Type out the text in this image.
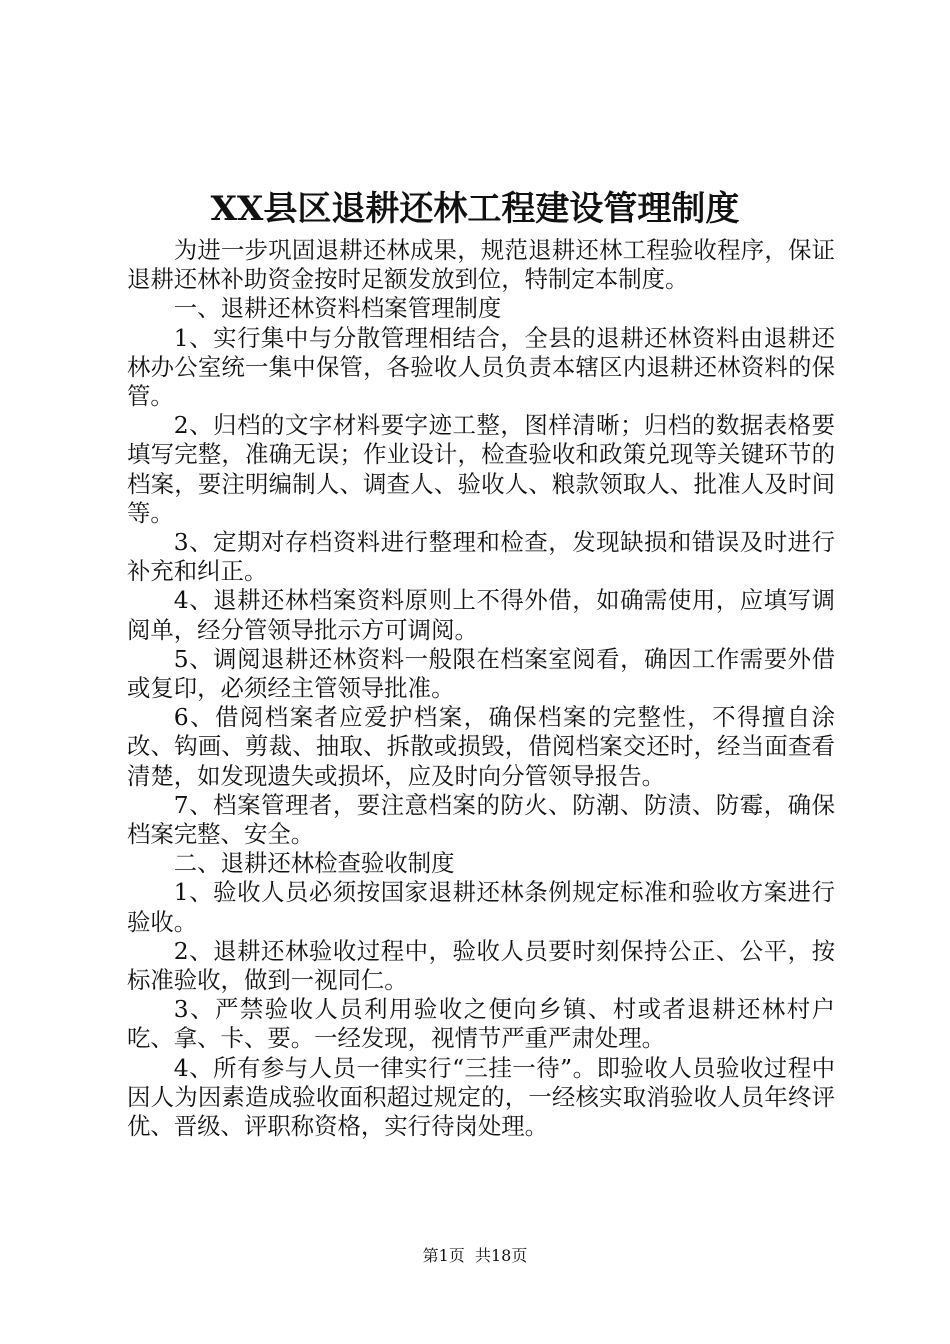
XX县区退耕还林工程建设管理制度

为进一步巩固退耕还林成果，规范退耕还林工程验收程序，保证退耕还林补助资金按时足额发放到位，特制定本制度。

一、退耕还林资料档案管理制度

1、实行集中与分散管理相结合，全县的退耕还林资料由退耕还林办公室统一集中保管，各验收人员负责本辖区内退耕还林资料的保管。

2、归档的文字材料要字迹工整，图样清晰；归档的数据表格要填写完整，准确无误；作业设计，检查验收和政策兑现等关键环节的档案，要注明编制人、调查人、验收人、粮款领取人、批准人及时间等。

3、定期对存档资料进行整理和检查，发现缺损和错误及时进行补充和纠正。

4、退耕还林档案资料原则上不得外借，如确需使用，应填写调阅单，经分管领导批示方可调阅。

5、调阅退耕还林资料一般限在档案室阅看，确因工作需要外借或复印，必须经主管领导批准。

6、借阅档案者应爱护档案，确保档案的完整性，不得擅自涂改、钩画、剪裁、抽取、拆散或损毁，借阅档案交还时，经当面查看清楚，如发现遗失或损坏，应及时向分管领导报告。

7、档案管理者，要注意档案的防火、防潮、防渍、防霉，确保档案完整、安全。

二、退耕还林检查验收制度

1、验收人员必须按国家退耕还林条例规定标准和验收方案进行验收。

2、退耕还林验收过程中，验收人员要时刻保持公正、公平，按标准验收，做到一视同仁。

3、严禁验收人员利用验收之便向乡镇、村或者退耕还林村户吃、拿、卡、要。一经发现，视情节严重严肃处理。

4、所有参与人员一律实行“三挂一待”。即验收人员验收过程中因人为因素造成验收面积超过规定的，一经核实取消验收人员年终评优、晋级、评职称资格，实行待岗处理。

第1页 共18页
